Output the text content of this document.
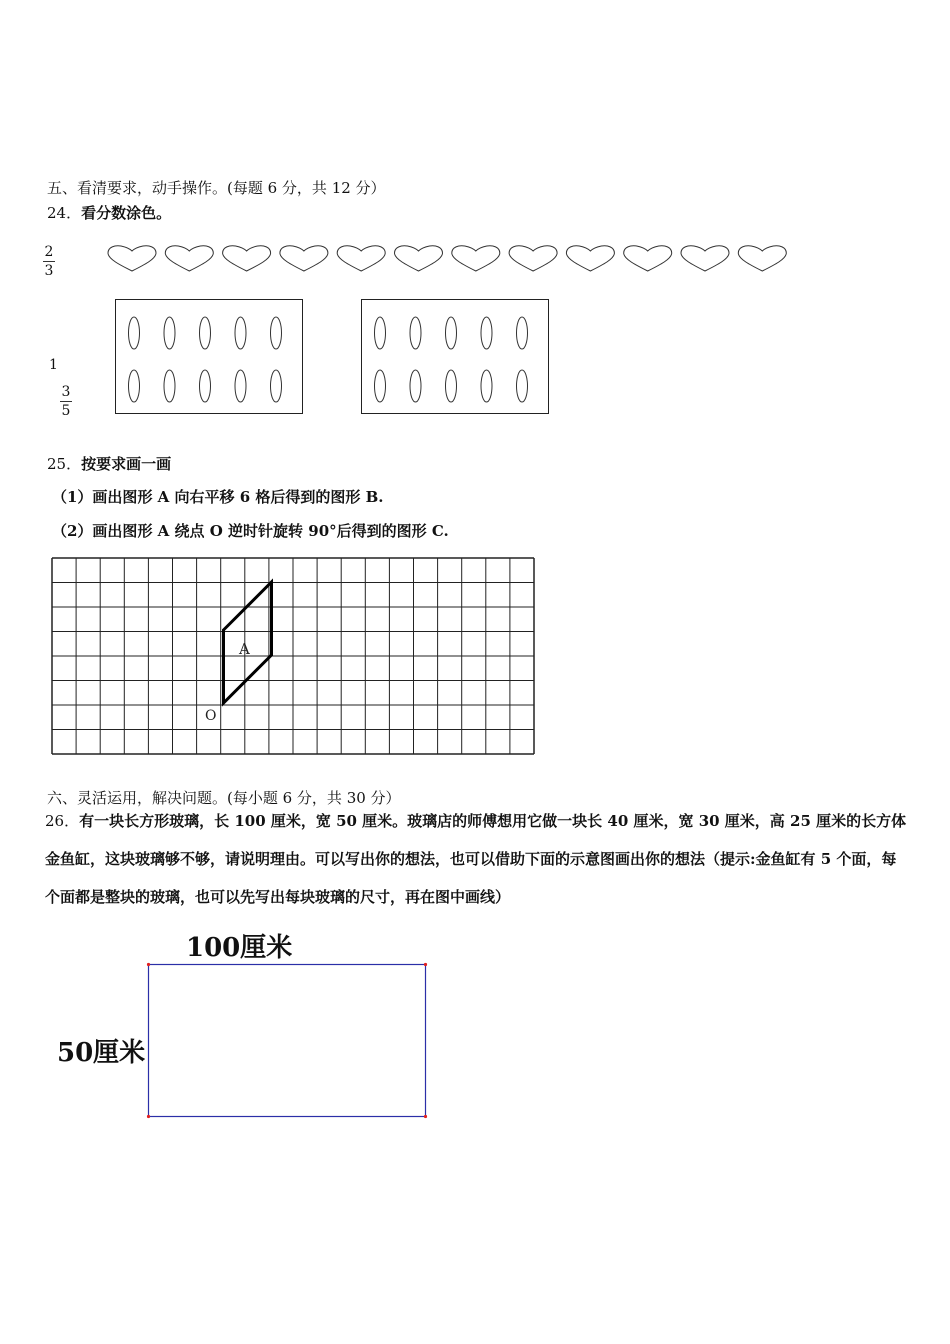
五、看清要求，动手操作。(每题 6 分，共 12 分）
24．看分数涂色。
2
3
1
3
5
25．按要求画一画
（1）画出图形 A 向右平移 6 格后得到的图形 B.
（2）画出图形 A 绕点 O 逆时针旋转 90°后得到的图形 C.
A
O
六、灵活运用，解决问题。(每小题 6 分，共 30 分）
26．有一块长方形玻璃，长 100 厘米，宽 50 厘米。玻璃店的师傅想用它做一块长 40 厘米，宽 30 厘米，高 25 厘米的长方体金鱼缸，这块玻璃够不够，请说明理由。可以写出你的想法，也可以借助下面的示意图画出你的想法（提示:金鱼缸有 5 个面，每个面都是整块的玻璃，也可以先写出每块玻璃的尺寸，再在图中画线）
100厘米
50厘米
